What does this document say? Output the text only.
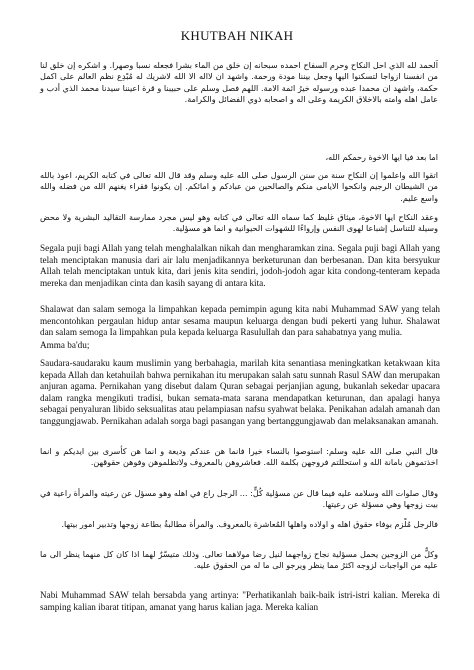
KHUTBAH NIKAH
اَلحمد لله الذي احل النكاح وحرم السفاح احمده سبحانه إن خلق من الماء بشرا فجعله نسبا وصهرا. و اشكره إن خلق لنا من انفسنا ازواجا لتسكنوا اليها وجعل بيننا مودة ورحمة. واشهد ان لااله الا الله لاشريك له مُبْدِع نظم العالم على اكمل حكمة، واشهد ان محمدا عبده ورسوله خيرُ ائمة الامة. اللهم فصل وسلم على حبيبنا و قرة اعيننا سيدنا محمد الذي أدب و عامل اهله وامته بالاخلاق الكريمة وعلى اله و اصحابه ذوي الفضائل والكرامة.
اما بعد فيا ايها الاخوة رحمكم الله،
اتقوا الله واعلموا إن النكاح سنة من سنن الرسول صلى الله عليه وسلم وقد قال الله تعالى في كتابه الكريم، اعوذ بالله من الشيطان الرجيم وانكحوا الايامى منكم والصالحين من عبادكم و امائكم. إن يكونوا فقراء يغنهم الله من فضله والله واسع عليم.
وعقد النكاح ايها الاخوة، ميثاق غليظ كما سماه الله تعالى في كتابه وهو ليس مجرد ممارسة التقاليد البشرية ولا محض وسيلة للتناسل إشباعا لهوى النفس وإرواءًا للشهوات الحيوانية و انما هو مسؤلية.
Segala puji bagi Allah yang telah menghalalkan nikah dan mengharamkan zina. Segala puji bagi Allah yang telah menciptakan manusia dari air lalu menjadikannya berketurunan dan berbesanan. Dan kita bersyukur Allah telah menciptakan untuk kita, dari jenis kita sendiri, jodoh-jodoh agar kita condong-tenteram kepada mereka dan menjadikan cinta dan kasih sayang di antara kita.
Shalawat dan salam semoga la limpahkan kepada pemimpin agung kita nabi Muhammad SAW yang telah mencontohkan pergaulan hidup antar sesama maupun keluarga dengan budi pekerti yang luhur. Shalawat dan salam semoga Ia limpahkan pula kepada keluarga Rasulullah dan para sahabatnya yang mulia.
Amma ba'du;
Saudara-saudaraku kaum muslimin yang berbahagia, marilah kita senantiasa meningkatkan ketakwaan kita kepada Allah dan ketahuilah bahwa pernikahan itu merupakan salah satu sunnah Rasul SAW dan merupakan anjuran agama. Pernikahan yang disebut dalam Quran sebagai perjanjian agung, bukanlah sekedar upacara dalam rangka mengikuti tradisi, bukan semata-mata sarana mendapatkan keturunan, dan apalagi hanya sebagai penyaluran libido seksualitas atau pelampiasan nafsu syahwat belaka. Penikahan adalah amanah dan tanggungjawab. Pernikahan adalah sorga bagi pasangan yang bertanggungjawab dan melaksanakan amanah.
قال النبي صلى الله عليه وسلم: استوصوا بالنساء خيرا فانما هن عندكم وديعة و انما هن كأسرى بين ايديكم و انما اخذتموهن بامانة الله و استحللتم فروجهن بكلمة الله. فعاشروهن بالمعروف ولاتظلموهن وفوهن حقوقهن.
وقال صلوات الله وسلامه عليه فيما قال عن مسؤلية كُلٍّ: ... الرجل راع في اهله وهو مسؤل عن رعيته والمرأة راعية في بيت زوجها وهي مسؤلة عن رعيتها.
فالرجل مُلْزم بوفاء حقوق اهله و اولاده واهلها المُعاشرة بالمعروف. والمرأة مطالبةٌ بطاعة زوجها وتدبير امور بيتها.
وكلٌّ من الزوجين يحمل مسؤلية نجاح زواجهما لنيل رضا مولاهما تعالى. وذلك متيسّرٌ لهما اذا كان كل منهما ينظر الى ما عليه من الواجبات لزوجه اكثرُ مما ينظر ويرجو الى ما له من الحقوق عليه.
Nabi Muhammad SAW telah bersabda yang artinya: "Perhatikanlah baik-baik istri-istri kalian. Mereka di samping kalian ibarat titipan, amanat yang harus kalian jaga. Mereka kalian
